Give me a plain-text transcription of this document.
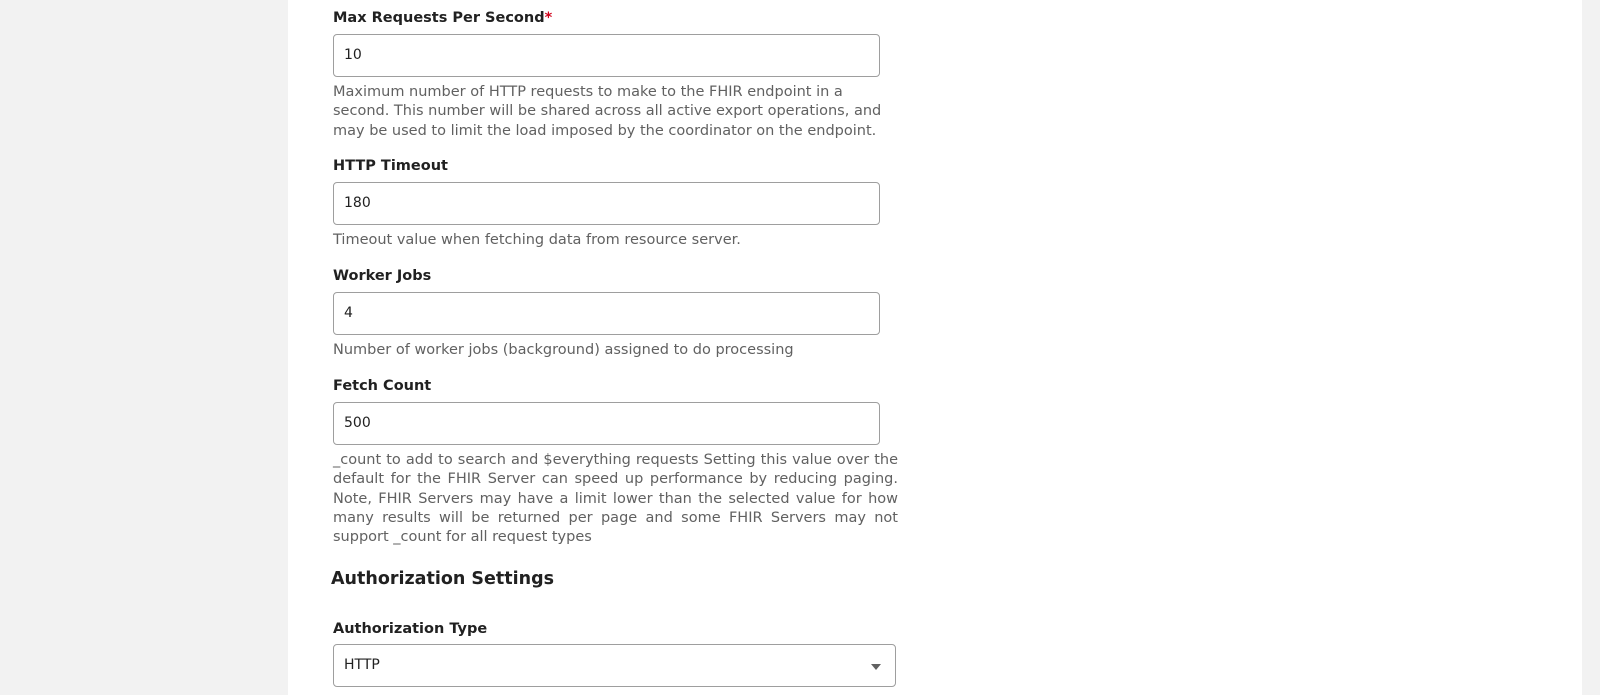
Max Requests Per Second*
10
Maximum number of HTTP requests to make to the FHIR endpoint in a second. This number will be shared across all active export operations, and may be used to limit the load imposed by the coordinator on the endpoint.
HTTP Timeout
180
Timeout value when fetching data from resource server.
Worker Jobs
4
Number of worker jobs (background) assigned to do processing
Fetch Count
500
_count to add to search and $everything requests Setting this value over the default for the FHIR Server can speed up performance by reducing paging. Note, FHIR Servers may have a limit lower than the selected value for how many results will be returned per page and some FHIR Servers may not support _count for all request types
Authorization Settings
Authorization Type
HTTP
